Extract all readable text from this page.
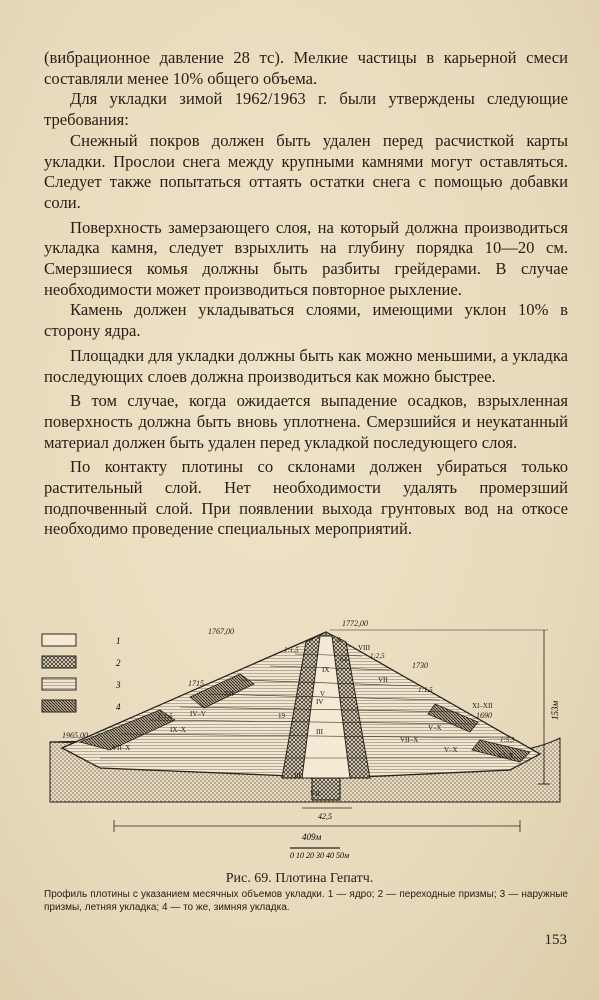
(вибрационное давление 28 тс). Мелкие частицы в карьерной смеси составляли менее 10% общего объема.

Для укладки зимой 1962/1963 г. были утверждены следующие требования:

Снежный покров должен быть удален перед расчисткой карты укладки. Прослои снега между крупными камнями могут оставляться. Следует также попытаться оттаять остатки снега с помощью добавки соли.

Поверхность замерзающего слоя, на который должна производиться укладка камня, следует взрыхлить на глубину порядка 10—20 см. Смерзшиеся комья должны быть разбиты грейдерами. В случае необходимости может производиться повторное рыхление.

Камень должен укладываться слоями, имеющими уклон 10% в сторону ядра.

Площадки для укладки должны быть как можно меньшими, а укладка последующих слоев должна производиться как можно быстрее.

В том случае, когда ожидается выпадение осадков, взрыхленная поверхность должна быть вновь уплотнена. Смерзшийся и неукатанный материал должен быть удален перед укладкой последующего слоя.

По контакту плотины со склонами должен убираться только растительный слой. Нет необходимости удалять промерзший подпочвенный слой. При появлении выхода грунтовых вод на откосе необходимо проведение специальных мероприятий.

1
2
3
4
1772,00
1767,00
1715
1965,00
1730
1690
1:1,5
1:2,5
1:1,5
1:1,5
1:5,5
X
VIII
64
IX
V
IV
19
III
VII
XII
IX–X
IV–V
VII–X
XI–XII
V–X
VII–X
VI–X
V–X
VII
III
153м
42,5
409м
0 10 20 30 40 50м
Рис. 69. Плотина Гепатч.

Профиль плотины с указанием месячных объемов укладки. 1 — ядро; 2 — переходные призмы; 3 — наружные призмы, летняя укладка; 4 — то же, зимняя укладка.

153
